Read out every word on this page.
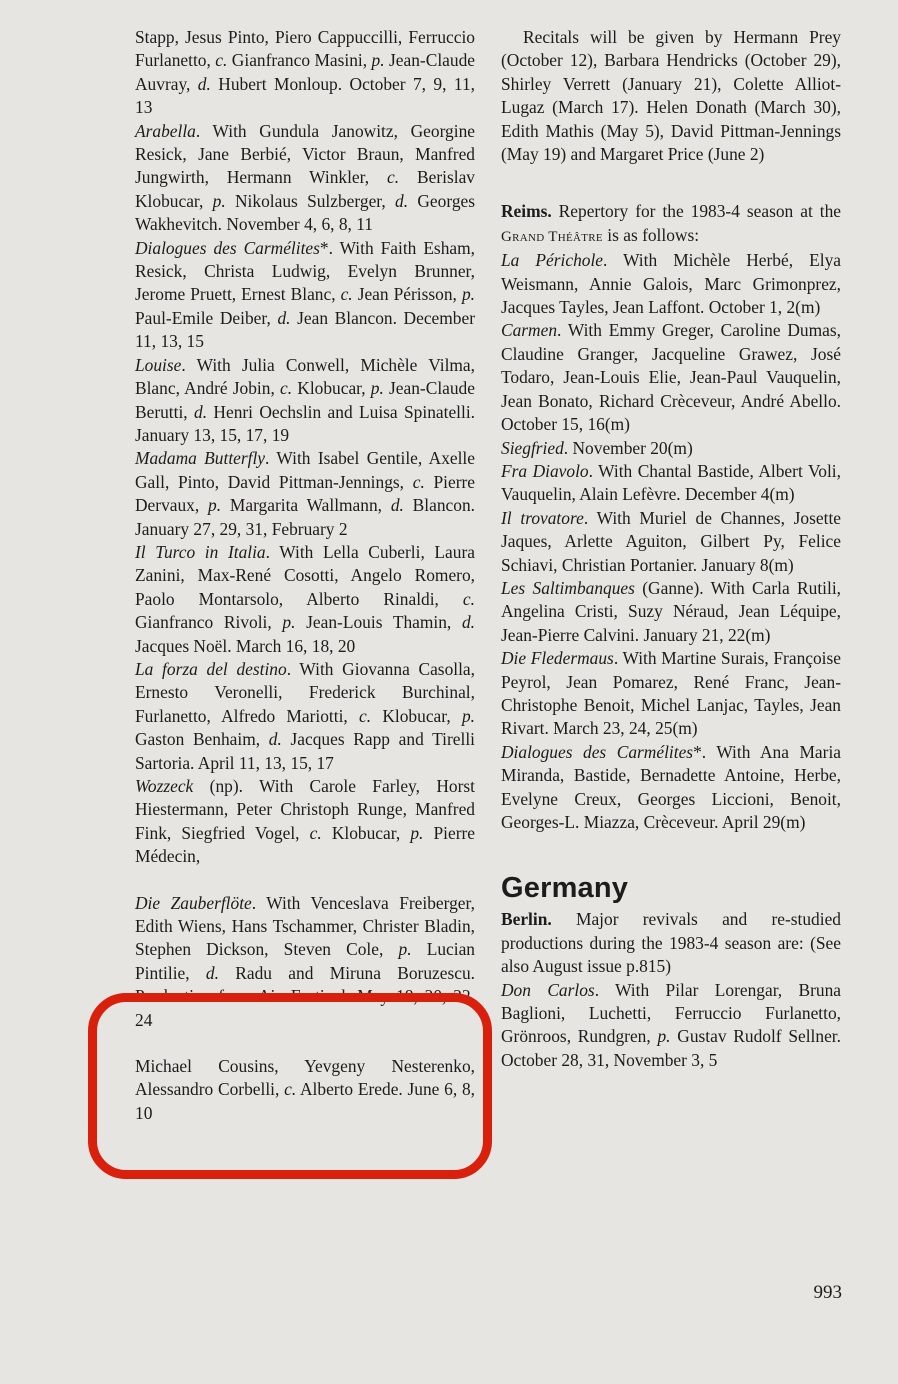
Stapp, Jesus Pinto, Piero Cappuccilli, Ferruccio Furlanetto, c. Gianfranco Masini, p. Jean-Claude Auvray, d. Hubert Monloup. October 7, 9, 11, 13

Arabella. With Gundula Janowitz, Georgine Resick, Jane Berbié, Victor Braun, Manfred Jungwirth, Hermann Winkler, c. Berislav Klobucar, p. Nikolaus Sulzberger, d. Georges Wakhevitch. November 4, 6, 8, 11

Dialogues des Carmélites*. With Faith Esham, Resick, Christa Ludwig, Evelyn Brunner, Jerome Pruett, Ernest Blanc, c. Jean Périsson, p. Paul-Emile Deiber, d. Jean Blancon. December 11, 13, 15

Louise. With Julia Conwell, Michèle Vilma, Blanc, André Jobin, c. Klobucar, p. Jean-Claude Berutti, d. Henri Oechslin and Luisa Spinatelli. January 13, 15, 17, 19

Madama Butterfly. With Isabel Gentile, Axelle Gall, Pinto, David Pittman-Jennings, c. Pierre Dervaux, p. Margarita Wallmann, d. Blancon. January 27, 29, 31, February 2

Il Turco in Italia. With Lella Cuberli, Laura Zanini, Max-René Cosotti, Angelo Romero, Paolo Montarsolo, Alberto Rinaldi, c. Gianfranco Rivoli, p. Jean-Louis Thamin, d. Jacques Noël. March 16, 18, 20

La forza del destino. With Giovanna Casolla, Ernesto Veronelli, Frederick Burchinal, Furlanetto, Alfredo Mariotti, c. Klobucar, p. Gaston Benhaim, d. Jacques Rapp and Tirelli Sartoria. April 11, 13, 15, 17

Wozzeck (np). With Carole Farley, Horst Hiestermann, Peter Christoph Runge, Manfred Fink, Siegfried Vogel, c. Klobucar, p. Pierre Médecin,

Die Zauberflöte. With Venceslava Freiberger, Edith Wiens, Hans Tschammer, Christer Bladin, Stephen Dickson, Steven Cole, p. Lucian Pintilie, d. Radu and Miruna Boruzescu. Production from Aix Festival. May 18, 20, 22, 24

Michael Cousins, Yevgeny Nesterenko, Alessandro Corbelli, c. Alberto Erede. June 6, 8, 10

Recitals will be given by Hermann Prey (October 12), Barbara Hendricks (October 29), Shirley Verrett (January 21), Colette Alliot-Lugaz (March 17). Helen Donath (March 30), Edith Mathis (May 5), David Pittman-Jennings (May 19) and Margaret Price (June 2)

Reims. Repertory for the 1983-4 season at the Grand Théâtre is as follows:

La Périchole. With Michèle Herbé, Elya Weismann, Annie Galois, Marc Grimonprez, Jacques Tayles, Jean Laffont. October 1, 2(m)

Carmen. With Emmy Greger, Caroline Dumas, Claudine Granger, Jacqueline Grawez, José Todaro, Jean-Louis Elie, Jean-Paul Vauquelin, Jean Bonato, Richard Crèceveur, André Abello. October 15, 16(m)

Siegfried. November 20(m)

Fra Diavolo. With Chantal Bastide, Albert Voli, Vauquelin, Alain Lefèvre. December 4(m)

Il trovatore. With Muriel de Channes, Josette Jaques, Arlette Aguiton, Gilbert Py, Felice Schiavi, Christian Portanier. January 8(m)

Les Saltimbanques (Ganne). With Carla Rutili, Angelina Cristi, Suzy Néraud, Jean Léquipe, Jean-Pierre Calvini. January 21, 22(m)

Die Fledermaus. With Martine Surais, Françoise Peyrol, Jean Pomarez, René Franc, Jean-Christophe Benoit, Michel Lanjac, Tayles, Jean Rivart. March 23, 24, 25(m)

Dialogues des Carmélites*. With Ana Maria Miranda, Bastide, Bernadette Antoine, Herbe, Evelyne Creux, Georges Liccioni, Benoit, Georges-L. Miazza, Crèceveur. April 29(m)

Germany

Berlin. Major revivals and re-studied productions during the 1983-4 season are: (See also August issue p.815)

Don Carlos. With Pilar Lorengar, Bruna Baglioni, Luchetti, Ferruccio Furlanetto, Grönroos, Rundgren, p. Gustav Rudolf Sellner. October 28, 31, November 3, 5

993
